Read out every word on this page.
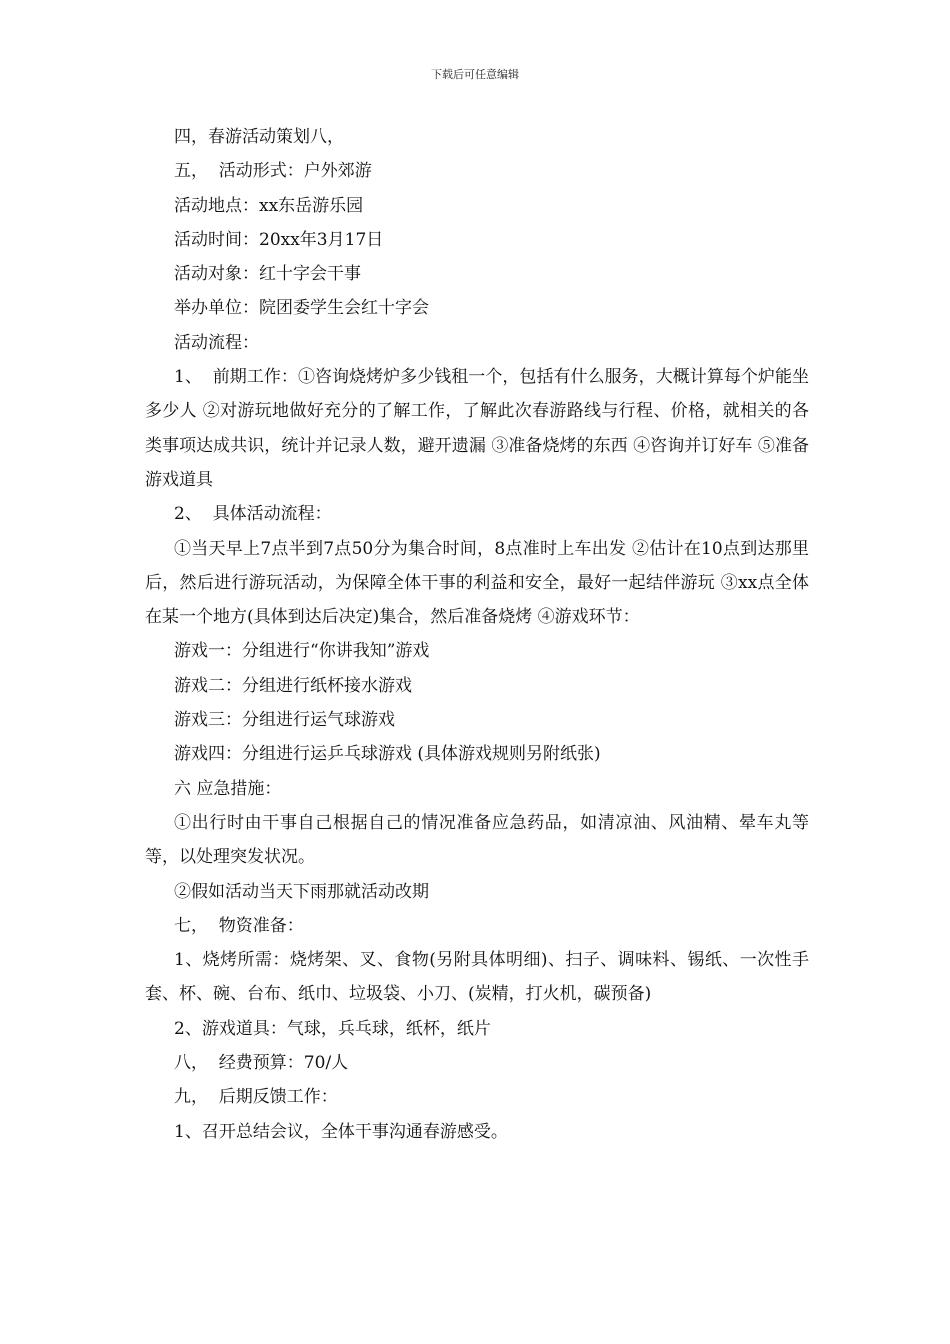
下载后可任意编辑

四，春游活动策划八，

五，  活动形式：户外郊游

活动地点：xx东岳游乐园

活动时间：20xx年3月17日

活动对象：红十字会干事

举办单位：院团委学生会红十字会

活动流程：

1、  前期工作：①咨询烧烤炉多少钱租一个，包括有什么服务，大概计算每个炉能坐多少人 ②对游玩地做好充分的了解工作，了解此次春游路线与行程、价格，就相关的各类事项达成共识，统计并记录人数，避开遗漏 ③准备烧烤的东西 ④咨询并订好车 ⑤准备游戏道具

2、  具体活动流程：

①当天早上7点半到7点50分为集合时间，8点准时上车出发 ②估计在10点到达那里后，然后进行游玩活动，为保障全体干事的利益和安全，最好一起结伴游玩 ③xx点全体在某一个地方(具体到达后决定)集合，然后准备烧烤 ④游戏环节：

游戏一：分组进行“你讲我知”游戏

游戏二：分组进行纸杯接水游戏

游戏三：分组进行运气球游戏

游戏四：分组进行运乒乓球游戏 (具体游戏规则另附纸张)

六 应急措施：

①出行时由干事自己根据自己的情况准备应急药品，如清凉油、风油精、晕车丸等等，以处理突发状况。

②假如活动当天下雨那就活动改期

七，  物资准备：

1、烧烤所需：烧烤架、叉、食物(另附具体明细)、扫子、调味料、锡纸、一次性手套、杯、碗、台布、纸巾、垃圾袋、小刀、(炭精，打火机，碳预备)

2、游戏道具：气球，兵乓球，纸杯，纸片

八，  经费预算：70/人

九，  后期反馈工作：

1、召开总结会议，全体干事沟通春游感受。
